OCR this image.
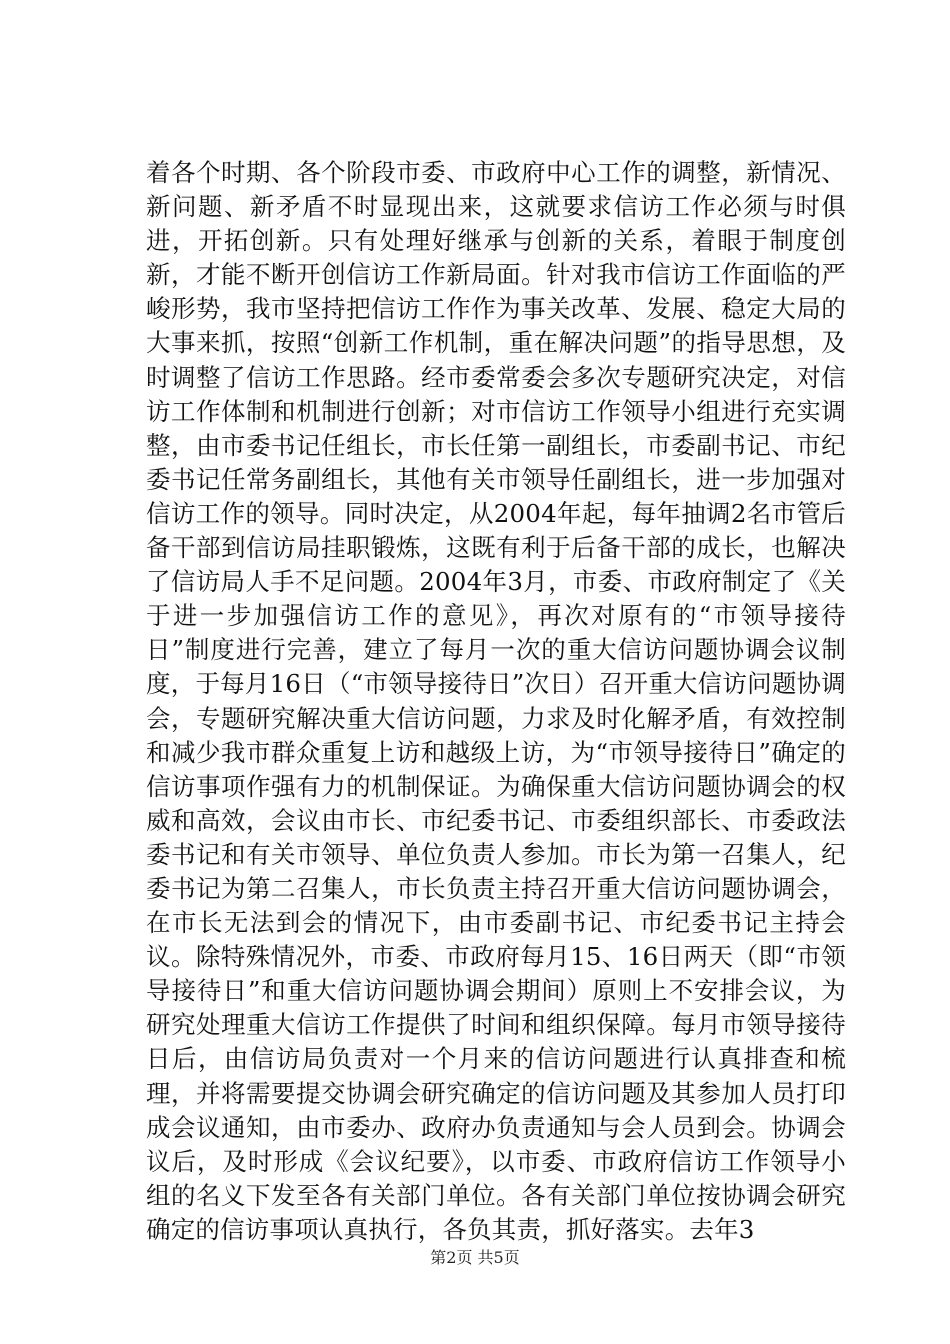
着各个时期、各个阶段市委、市政府中心工作的调整，新情况、新问题、新矛盾不时显现出来，这就要求信访工作必须与时俱进，开拓创新。只有处理好继承与创新的关系，着眼于制度创新，才能不断开创信访工作新局面。针对我市信访工作面临的严峻形势，我市坚持把信访工作作为事关改革、发展、稳定大局的大事来抓，按照“创新工作机制，重在解决问题”的指导思想，及时调整了信访工作思路。经市委常委会多次专题研究决定，对信访工作体制和机制进行创新；对市信访工作领导小组进行充实调整，由市委书记任组长，市长任第一副组长，市委副书记、市纪委书记任常务副组长，其他有关市领导任副组长，进一步加强对信访工作的领导。同时决定，从2004年起，每年抽调2名市管后备干部到信访局挂职锻炼，这既有利于后备干部的成长，也解决了信访局人手不足问题。2004年3月，市委、市政府制定了《关于进一步加强信访工作的意见》，再次对原有的“市领导接待日”制度进行完善，建立了每月一次的重大信访问题协调会议制度，于每月16日（“市领导接待日”次日）召开重大信访问题协调会，专题研究解决重大信访问题，力求及时化解矛盾，有效控制和减少我市群众重复上访和越级上访，为“市领导接待日”确定的信访事项作强有力的机制保证。为确保重大信访问题协调会的权威和高效，会议由市长、市纪委书记、市委组织部长、市委政法委书记和有关市领导、单位负责人参加。市长为第一召集人，纪委书记为第二召集人，市长负责主持召开重大信访问题协调会，在市长无法到会的情况下，由市委副书记、市纪委书记主持会议。除特殊情况外，市委、市政府每月15、16日两天（即“市领导接待日”和重大信访问题协调会期间）原则上不安排会议，为研究处理重大信访工作提供了时间和组织保障。每月市领导接待日后，由信访局负责对一个月来的信访问题进行认真排查和梳理，并将需要提交协调会研究确定的信访问题及其参加人员打印成会议通知，由市委办、政府办负责通知与会人员到会。协调会议后，及时形成《会议纪要》，以市委、市政府信访工作领导小组的名义下发至各有关部门单位。各有关部门单位按协调会研究确定的信访事项认真执行，各负其责，抓好落实。去年3

第2页 共5页
